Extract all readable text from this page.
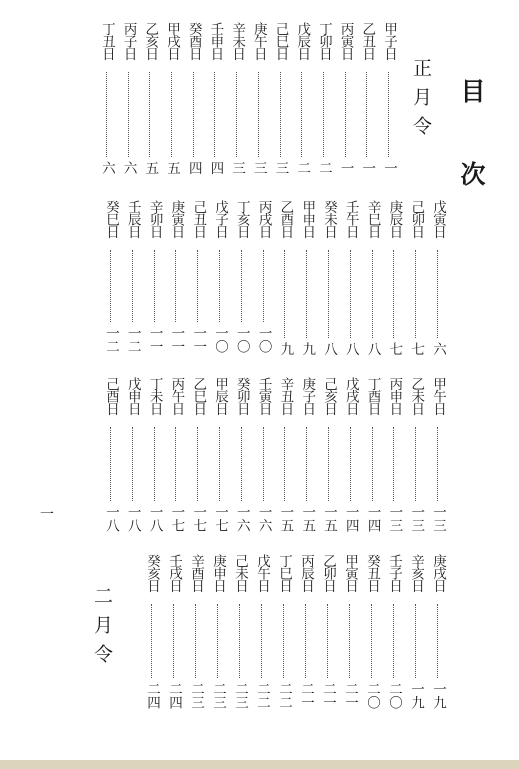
目次
正月令
二月令
一
甲子日
一
乙丑日
一
丙寅日
一
丁卯日
二
戊辰日
二
己巳日
三
庚午日
三
辛未日
三
壬申日
四
癸酉日
四
甲戌日
五
乙亥日
五
丙子日
六
丁丑日
六
戊寅日
六
己卯日
七
庚辰日
七
辛巳日
八
壬午日
八
癸未日
八
甲申日
九
乙酉日
九
丙戌日
一〇
丁亥日
一〇
戊子日
一〇
己丑日
一一
庚寅日
一一
辛卯日
一一
壬辰日
一二
癸巳日
一二
甲午日
一三
乙未日
一三
丙申日
一三
丁酉日
一四
戊戌日
一四
己亥日
一五
庚子日
一五
辛丑日
一五
壬寅日
一六
癸卯日
一六
甲辰日
一七
乙巳日
一七
丙午日
一七
丁未日
一八
戊申日
一八
己酉日
一八
庚戌日
一九
辛亥日
一九
壬子日
二〇
癸丑日
二〇
甲寅日
二一
乙卯日
二一
丙辰日
二一
丁巳日
二二
戊午日
二二
己未日
二三
庚申日
二三
辛酉日
二三
壬戌日
二四
癸亥日
二四
